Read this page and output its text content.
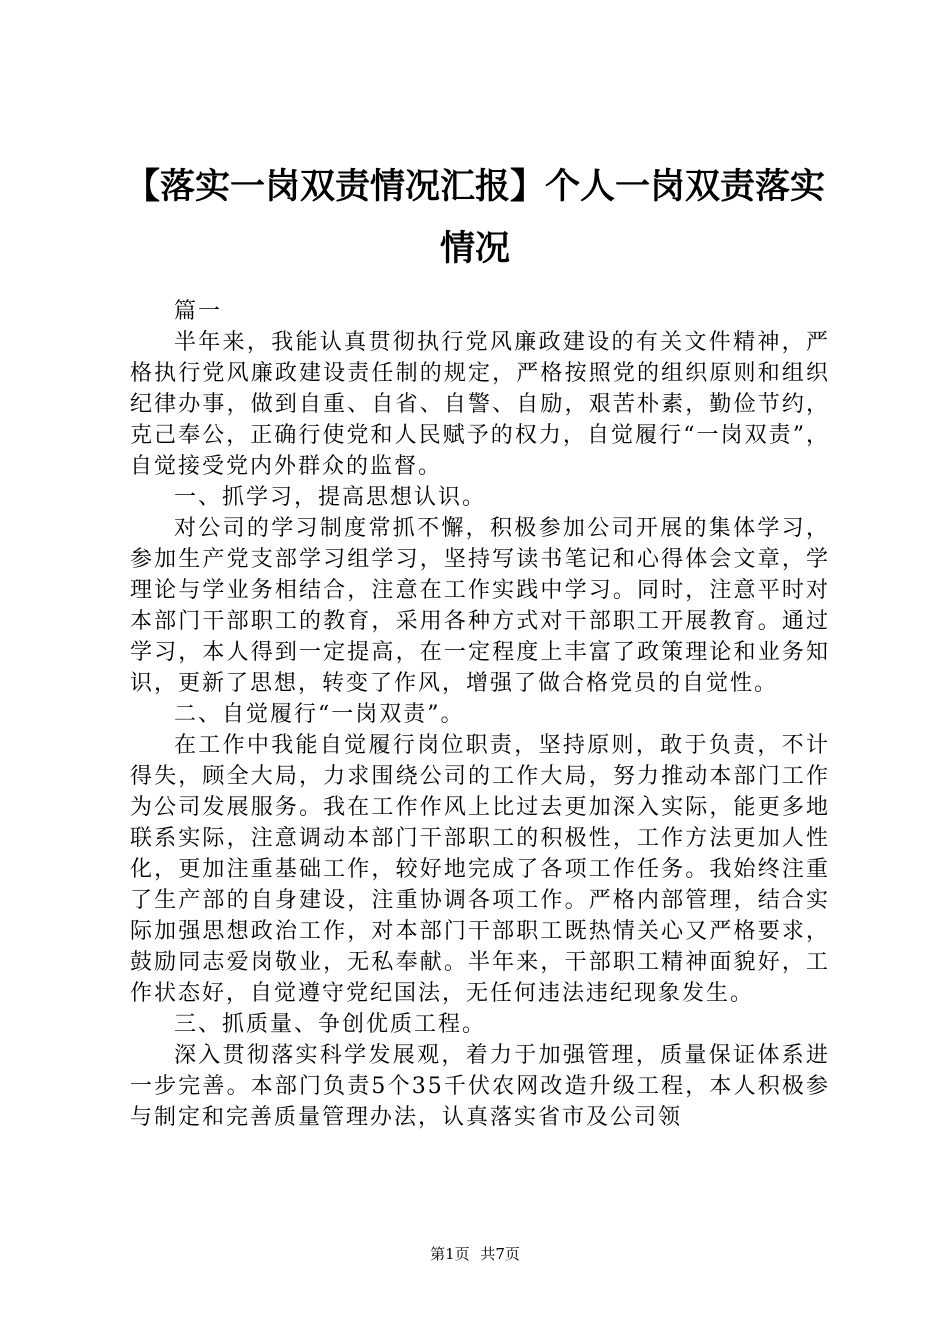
【落实一岗双责情况汇报】个人一岗双责落实
情况

篇一

半年来，我能认真贯彻执行党风廉政建设的有关文件精神，严格执行党风廉政建设责任制的规定，严格按照党的组织原则和组织纪律办事，做到自重、自省、自警、自励，艰苦朴素，勤俭节约，克己奉公，正确行使党和人民赋予的权力，自觉履行“一岗双责”，自觉接受党内外群众的监督。

一、抓学习，提高思想认识。

对公司的学习制度常抓不懈，积极参加公司开展的集体学习，参加生产党支部学习组学习，坚持写读书笔记和心得体会文章，学理论与学业务相结合，注意在工作实践中学习。同时，注意平时对本部门干部职工的教育，采用各种方式对干部职工开展教育。通过学习，本人得到一定提高，在一定程度上丰富了政策理论和业务知识，更新了思想，转变了作风，增强了做合格党员的自觉性。

二、自觉履行“一岗双责”。

在工作中我能自觉履行岗位职责，坚持原则，敢于负责，不计得失，顾全大局，力求围绕公司的工作大局，努力推动本部门工作为公司发展服务。我在工作作风上比过去更加深入实际，能更多地联系实际，注意调动本部门干部职工的积极性，工作方法更加人性化，更加注重基础工作，较好地完成了各项工作任务。我始终注重了生产部的自身建设，注重协调各项工作。严格内部管理，结合实际加强思想政治工作，对本部门干部职工既热情关心又严格要求，鼓励同志爱岗敬业，无私奉献。半年来，干部职工精神面貌好，工作状态好，自觉遵守党纪国法，无任何违法违纪现象发生。

三、抓质量、争创优质工程。

深入贯彻落实科学发展观，着力于加强管理，质量保证体系进一步完善。本部门负责5个35千伏农网改造升级工程，本人积极参与制定和完善质量管理办法，认真落实省市及公司领

第1页 共7页
